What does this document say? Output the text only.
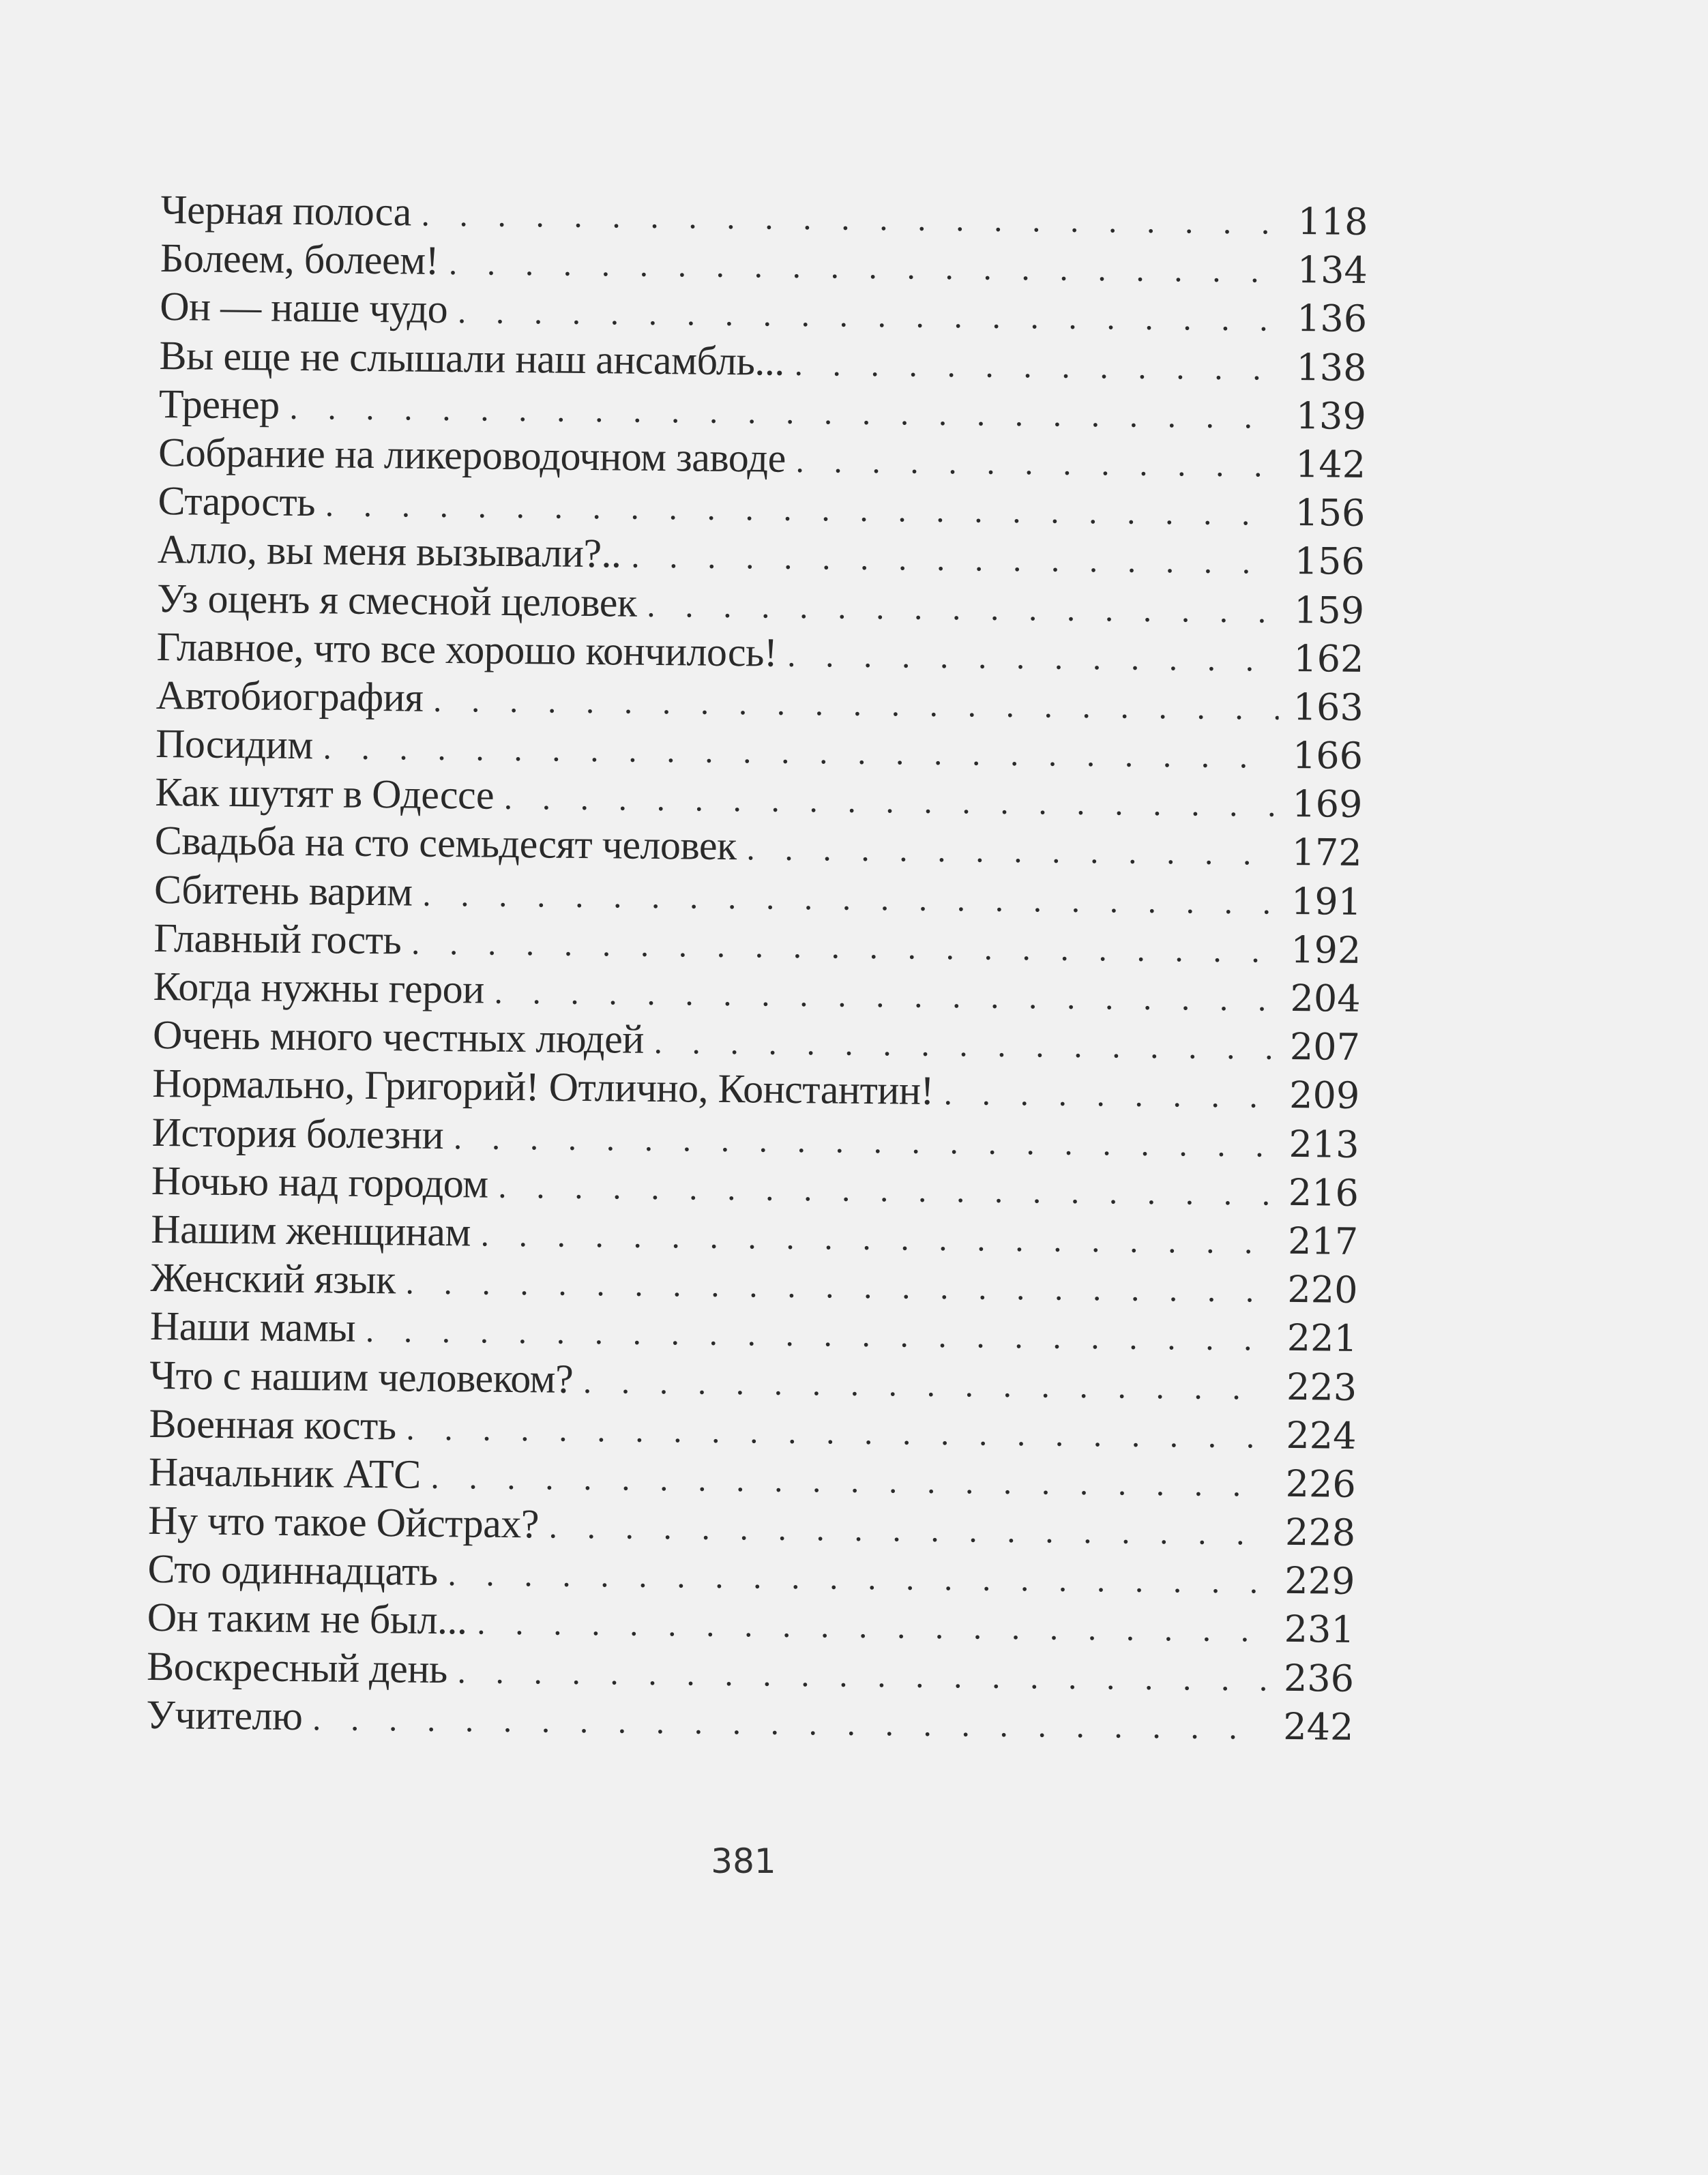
Черная полоса . . .	118
Болеем, болеем! . . .	134
Он — наше чудо . . .	136
Вы еще не слышали наш ансамбль... . . .	138
Тренер . . .	139
Собрание на ликероводочном заводе . . .	142
Старость . . .	156
Алло, вы меня вызывали?.. . . .	156
Уз оценъ я смесной целовек . . .	159
Главное, что все хорошо кончилось! . . .	162
Автобиография . . .	163
Посидим . . .	166
Как шутят в Одессе . . .	169
Свадьба на сто семьдесят человек . . .	172
Сбитень варим . . .	191
Главный гость . . .	192
Когда нужны герои . . .	204
Очень много честных людей . . .	207
Нормально, Григорий! Отлично, Константин! . . .	209
История болезни . . .	213
Ночью над городом . . .	216
Нашим женщинам . . .	217
Женский язык . . .	220
Наши мамы . . .	221
Что с нашим человеком? . . .	223
Военная кость . . .	224
Начальник АТС . . .	226
Ну что такое Ойстрах? . . .	228
Сто одиннадцать . . .	229
Он таким не был... . . .	231
Воскресный день . . .	236
Учителю . . .	242
381
